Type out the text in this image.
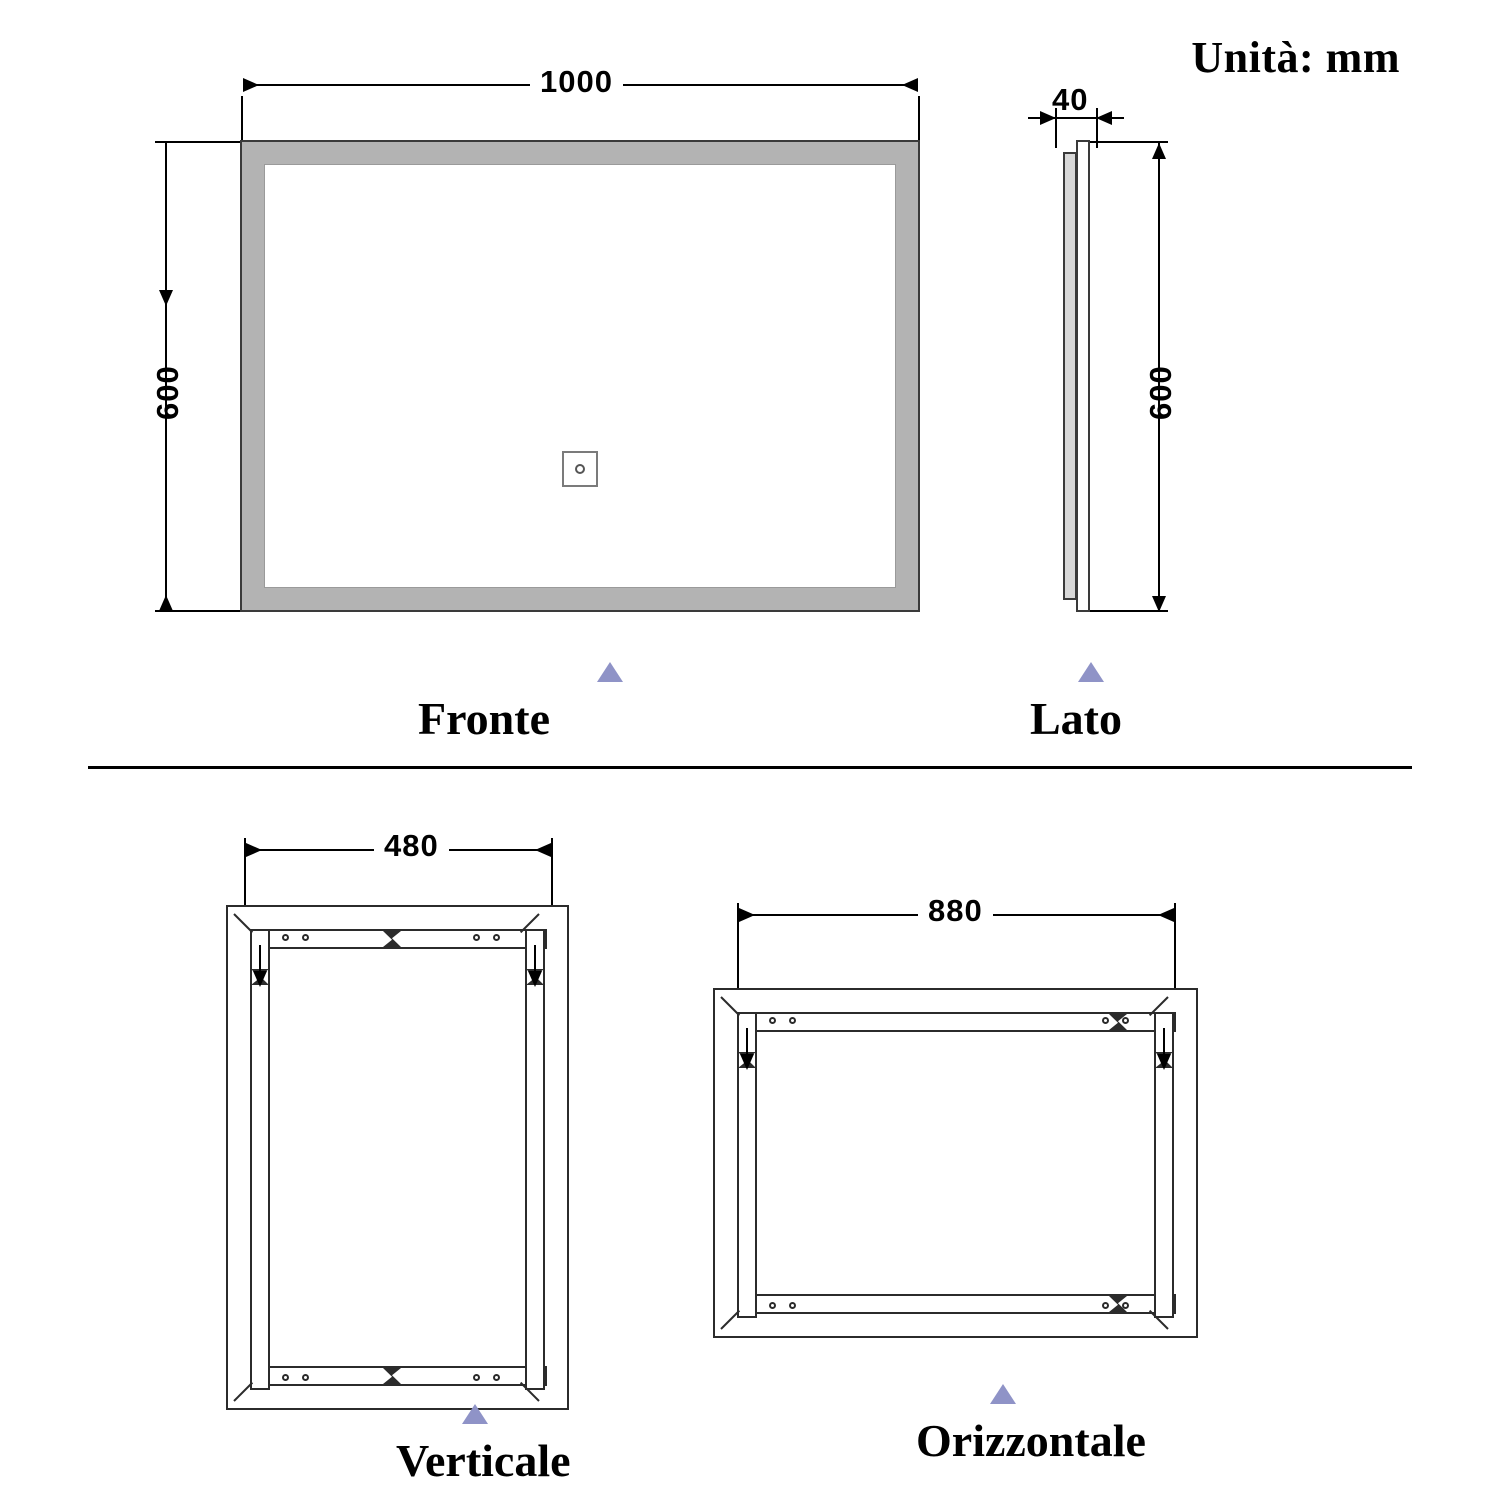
Unità: mm
1000
600
Fronte
40
600
Lato
480
Verticale
880
Orizzontale
